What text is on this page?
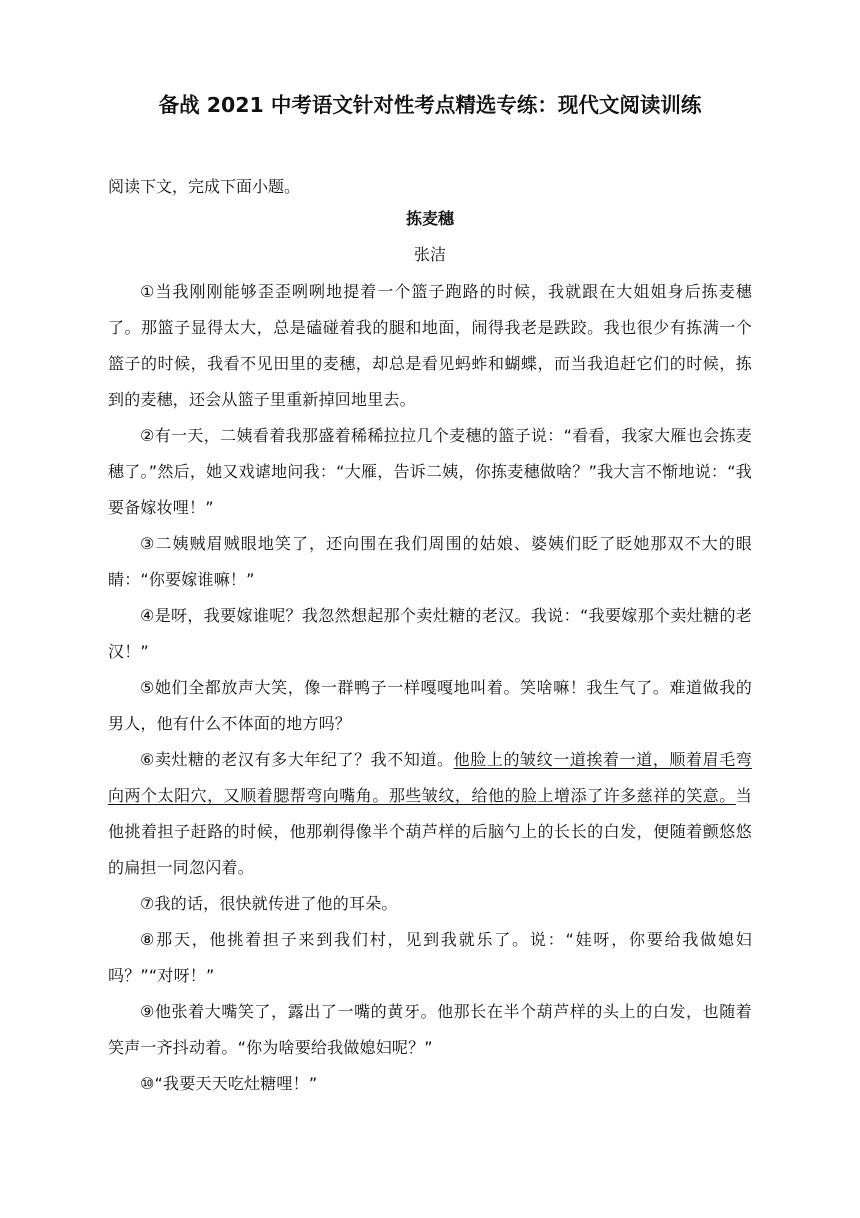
备战 2021 中考语文针对性考点精选专练：现代文阅读训练

阅读下文，完成下面小题。

拣麦穗

张洁

①当我刚刚能够歪歪咧咧地提着一个篮子跑路的时候，我就跟在大姐姐身后拣麦穗了。那篮子显得太大，总是磕碰着我的腿和地面，闹得我老是跌跤。我也很少有拣满一个篮子的时候，我看不见田里的麦穗，却总是看见蚂蚱和蝴蝶，而当我追赶它们的时候，拣到的麦穗，还会从篮子里重新掉回地里去。

②有一天，二姨看着我那盛着稀稀拉拉几个麦穗的篮子说：“看看，我家大雁也会拣麦穗了。”然后，她又戏谑地问我：“大雁，告诉二姨，你拣麦穗做啥？”我大言不惭地说：“我要备嫁妆哩！”

③二姨贼眉贼眼地笑了，还向围在我们周围的姑娘、婆姨们眨了眨她那双不大的眼睛：“你要嫁谁嘛！”

④是呀，我要嫁谁呢？我忽然想起那个卖灶糖的老汉。我说：“我要嫁那个卖灶糖的老汉！”

⑤她们全都放声大笑，像一群鸭子一样嘎嘎地叫着。笑啥嘛！我生气了。难道做我的男人，他有什么不体面的地方吗？

⑥卖灶糖的老汉有多大年纪了？我不知道。他脸上的皱纹一道挨着一道，顺着眉毛弯向两个太阳穴，又顺着腮帮弯向嘴角。那些皱纹，给他的脸上增添了许多慈祥的笑意。当他挑着担子赶路的时候，他那剃得像半个葫芦样的后脑勺上的长长的白发，便随着颤悠悠的扁担一同忽闪着。

⑦我的话，很快就传进了他的耳朵。

⑧那天，他挑着担子来到我们村，见到我就乐了。说：“娃呀，你要给我做媳妇吗？”“对呀！”

⑨他张着大嘴笑了，露出了一嘴的黄牙。他那长在半个葫芦样的头上的白发，也随着笑声一齐抖动着。“你为啥要给我做媳妇呢？”

⑩“我要天天吃灶糖哩！”
